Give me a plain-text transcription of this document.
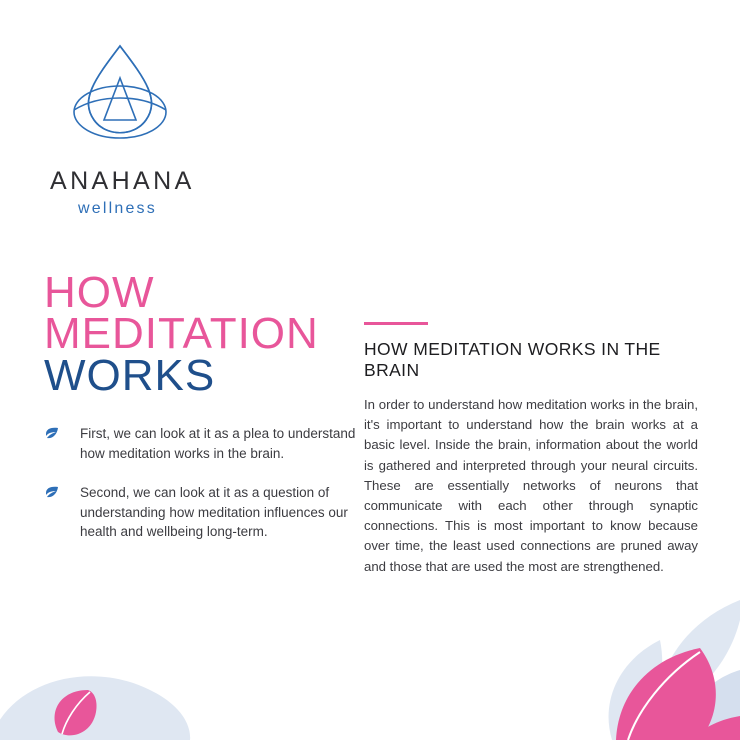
ANAHANA
wellness
HOW
MEDITATION
WORKS
First, we can look at it as a plea to understand how meditation works in the brain.
Second, we can look at it as a question of understanding how meditation influences our health and wellbeing long-term.
HOW MEDITATION WORKS IN THE BRAIN
In order to understand how meditation works in the brain, it's important to understand how the brain works at a basic level. Inside the brain, information about the world is gathered and interpreted through your neural circuits. These are essentially networks of neurons that communicate with each other through synaptic connections. This is most important to know because over time, the least used connections are pruned away and those that are used the most are strengthened.
